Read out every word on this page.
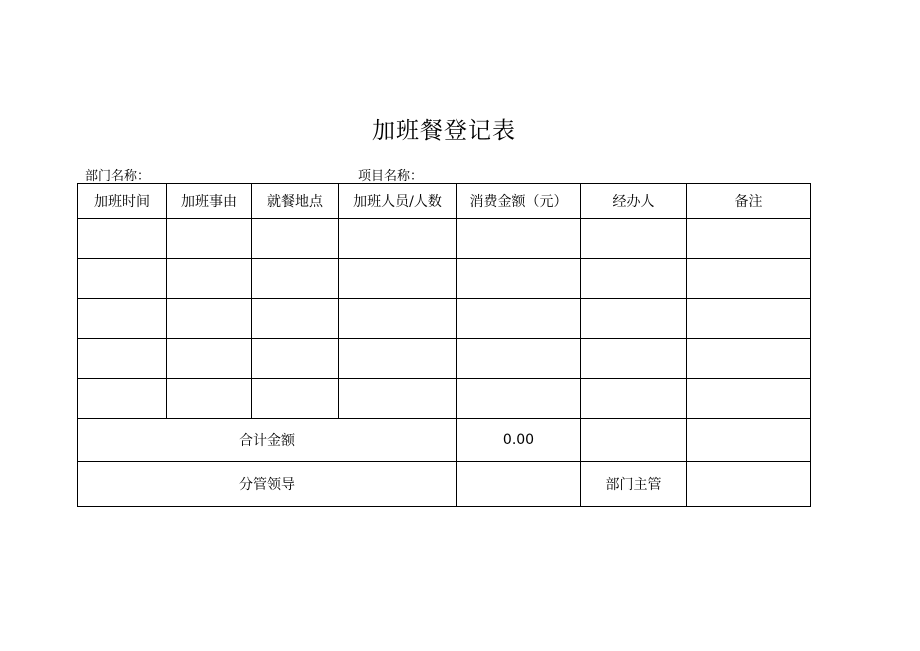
加班餐登记表
部门名称：	项目名称：
加班时间	加班事由	就餐地点	加班人员/人数	消费金额（元）	经办人	备注

合计金额				0.00		
分管领导					部门主管	
